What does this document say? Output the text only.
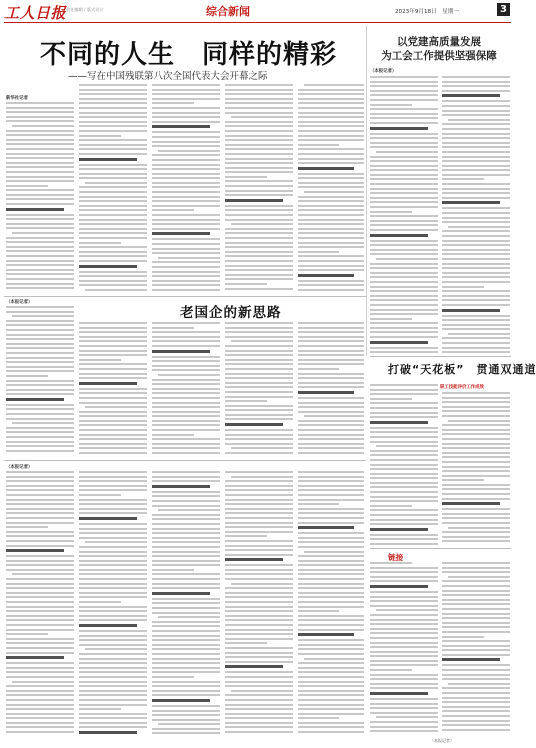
工人日报 责任编辑 / 版式设计	综合新闻	2023年9月18日　星期一	3
不同的人生　同样的精彩
——写在中国残联第八次全国代表大会开幕之际
新华社记者
以党建高质量发展
为工会工作提供坚强保障
（本报记者）
老国企的新思路
（本报记者）
打破“天花板”　贯通双通道
职工技能评价工作成效
（本报记者）
链接
（本报记者）
